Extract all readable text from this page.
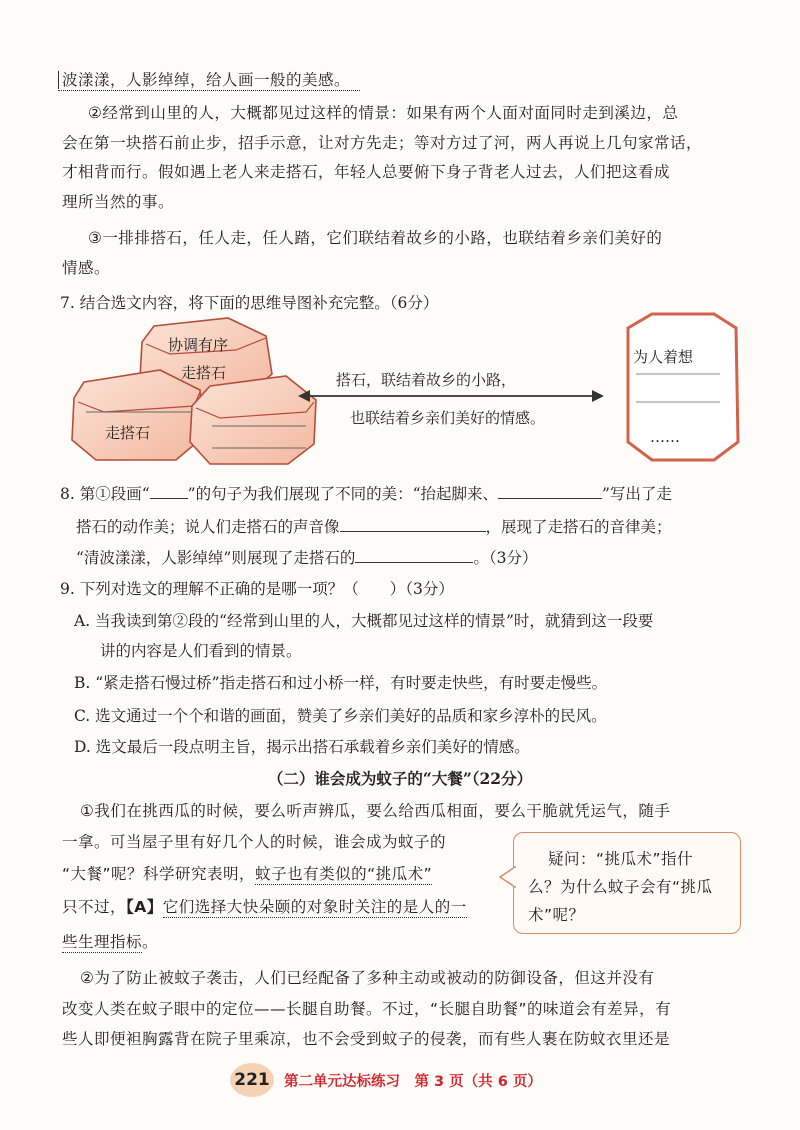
波漾漾，人影绰绰，给人画一般的美感。
②经常到山里的人，大概都见过这样的情景：如果有两个人面对面同时走到溪边，总
会在第一块搭石前止步，招手示意，让对方先走；等对方过了河，两人再说上几句家常话，
才相背而行。假如遇上老人来走搭石，年轻人总要俯下身子背老人过去，人们把这看成
理所当然的事。
③一排排搭石，任人走，任人踏，它们联结着故乡的小路，也联结着乡亲们美好的
情感。
7. 结合选文内容，将下面的思维导图补充完整。（6分）
协调有序
走搭石
走搭石
搭石，联结着故乡的小路，
也联结着乡亲们美好的情感。
为人着想
……
8. 第①段画“ ”的句子为我们展现了不同的美：“抬起脚来、	”写出了走
搭石的动作美；说人们走搭石的声音像	，展现了走搭石的音律美；
“清波漾漾，人影绰绰”则展现了走搭石的	。（3分）
9. 下列对选文的理解不正确的是哪一项？（　　）（3分）
A. 当我读到第②段的“经常到山里的人，大概都见过这样的情景”时，就猜到这一段要
讲的内容是人们看到的情景。
B. “紧走搭石慢过桥”指走搭石和过小桥一样，有时要走快些，有时要走慢些。
C. 选文通过一个个和谐的画面，赞美了乡亲们美好的品质和家乡淳朴的民风。
D. 选文最后一段点明主旨，揭示出搭石承载着乡亲们美好的情感。
（二）谁会成为蚊子的“大餐”（22分）
①我们在挑西瓜的时候，要么听声辨瓜，要么给西瓜相面，要么干脆就凭运气，随手
一拿。可当屋子里有好几个人的时候，谁会成为蚊子的
“大餐”呢？科学研究表明，蚊子也有类似的“挑瓜术”
只不过，【A】它们选择大快朵颐的对象时关注的是人的一
些生理指标。
疑问：“挑瓜术”指什
么？为什么蚊子会有“挑瓜
术”呢？
②为了防止被蚊子袭击，人们已经配备了多种主动或被动的防御设备，但这并没有
改变人类在蚊子眼中的定位——长腿自助餐。不过，“长腿自助餐”的味道会有差异，有
些人即便袒胸露背在院子里乘凉，也不会受到蚊子的侵袭，而有些人裹在防蚊衣里还是
221 第二单元达标练习　第 3 页（共 6 页）
